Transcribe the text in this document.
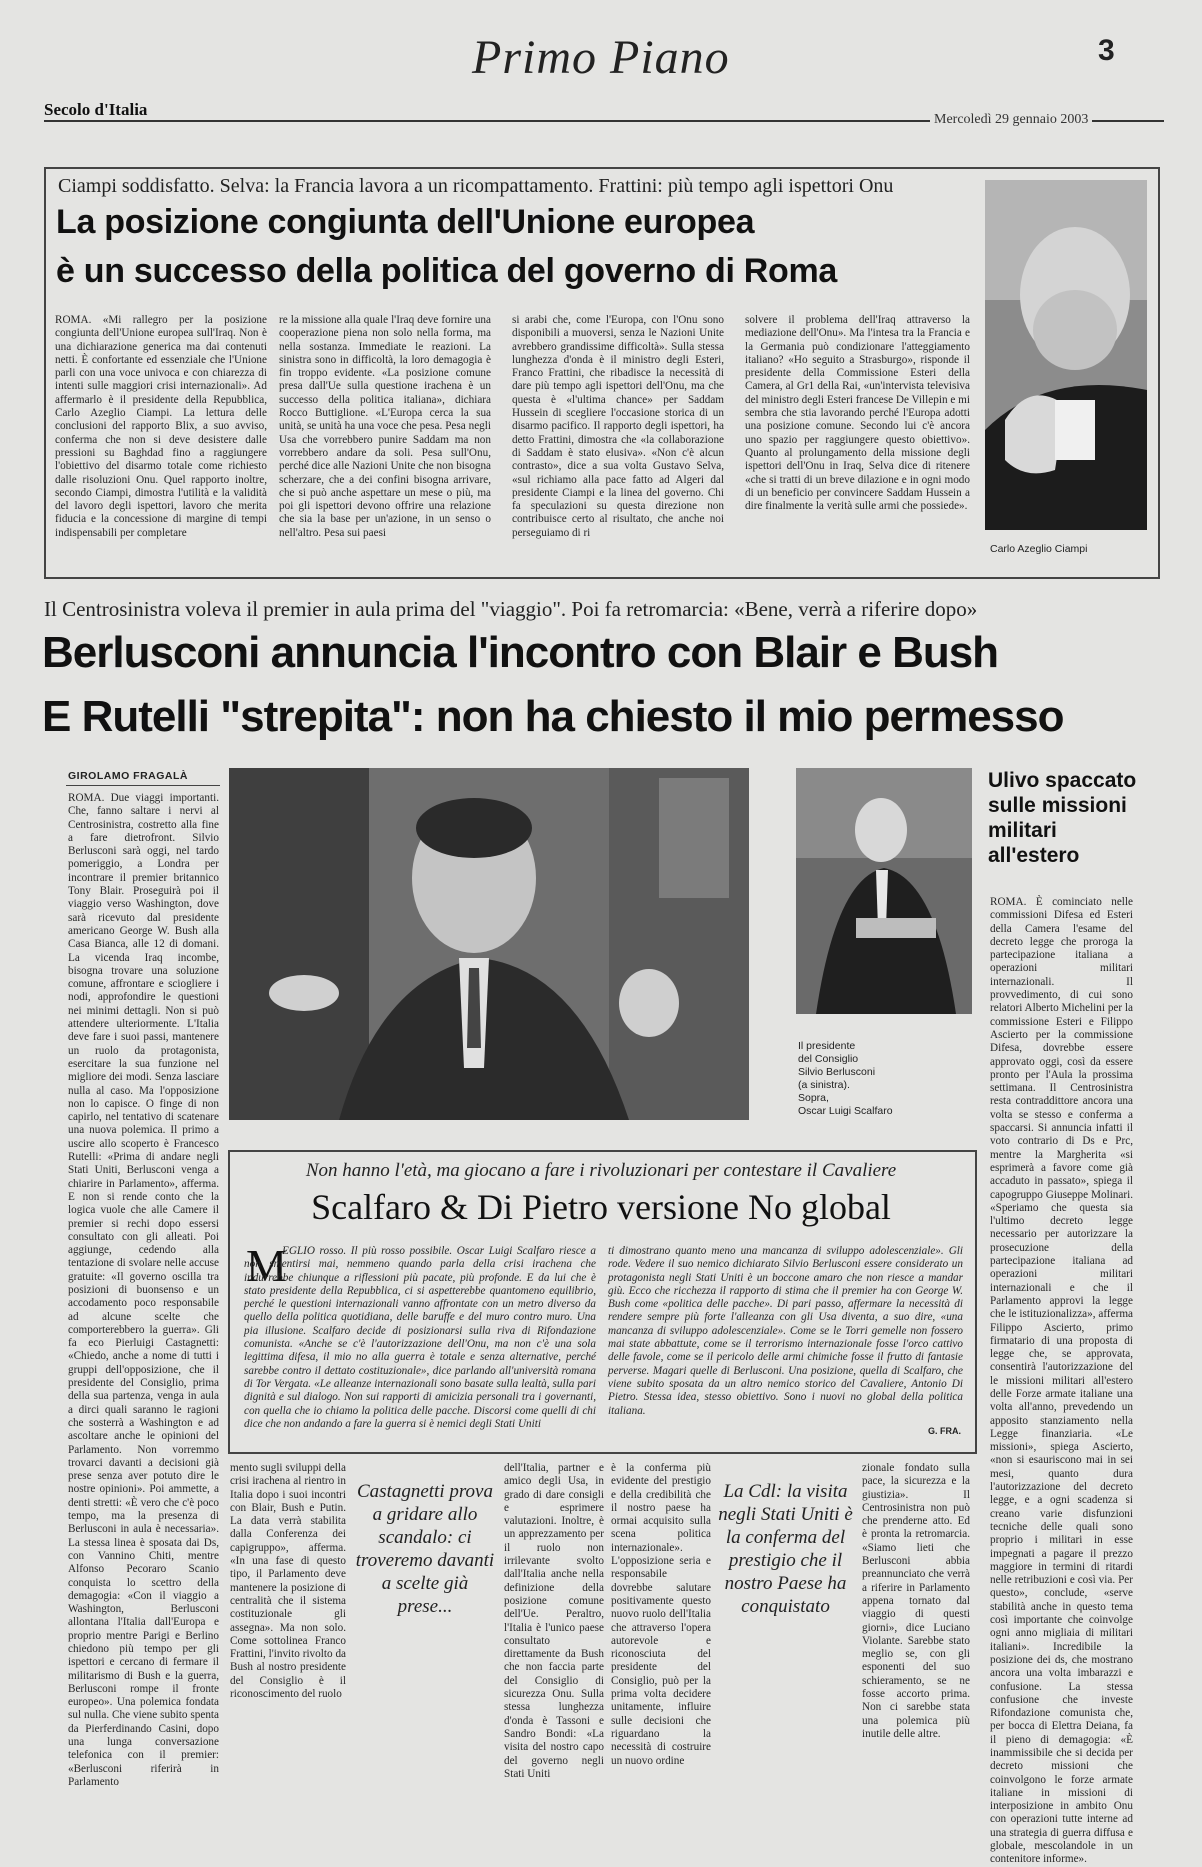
Primo Piano	3
Secolo d'Italia
Mercoledì 29 gennaio 2003
Ciampi soddisfatto. Selva: la Francia lavora a un ricompattamento. Frattini: più tempo agli ispettori Onu
La posizione congiunta dell'Unione europea
è un successo della politica del governo di Roma

ROMA. «Mi rallegro per la posizione congiunta dell'Unione europea sull'Iraq. Non è una dichiarazione generica ma dai contenuti netti. È confortante ed essenziale che l'Unione parli con una voce univoca e con chiarezza di intenti sulle maggiori crisi internazionali». Ad affermarlo è il presidente della Repubblica, Carlo Azeglio Ciampi. La lettura delle conclusioni del rapporto Blix, a suo avviso, conferma che non si deve desistere dalle pressioni su Baghdad fino a raggiungere l'obiettivo del disarmo totale come richiesto dalle risoluzioni Onu. Quel rapporto inoltre, secondo Ciampi, dimostra l'utilità e la validità del lavoro degli ispettori, lavoro che merita fiducia e la concessione di margine di tempi indispensabili per completare

re la missione alla quale l'Iraq deve fornire una cooperazione piena non solo nella forma, ma nella sostanza. Immediate le reazioni. La sinistra sono in difficoltà, la loro demagogia è fin troppo evidente. «La posizione comune presa dall'Ue sulla questione irachena è un successo della politica italiana», dichiara Rocco Buttiglione. «L'Europa cerca la sua unità, se unità ha una voce che pesa. Pesa negli Usa che vorrebbero punire Saddam ma non vorrebbero andare da soli. Pesa sull'Onu, perché dice alle Nazioni Unite che non bisogna scherzare, che a dei confini bisogna arrivare, che si può anche aspettare un mese o più, ma poi gli ispettori devono offrire una relazione che sia la base per un'azione, in un senso o nell'altro. Pesa sui paesi

si arabi che, come l'Europa, con l'Onu sono disponibili a muoversi, senza le Nazioni Unite avrebbero grandissime difficoltà». Sulla stessa lunghezza d'onda è il ministro degli Esteri, Franco Frattini, che ribadisce la necessità di dare più tempo agli ispettori dell'Onu, ma che questa è «l'ultima chance» per Saddam Hussein di scegliere l'occasione storica di un disarmo pacifico. Il rapporto degli ispettori, ha detto Frattini, dimostra che «la collaborazione di Saddam è stato elusiva». «Non c'è alcun contrasto», dice a sua volta Gustavo Selva, «sul richiamo alla pace fatto ad Algeri dal presidente Ciampi e la linea del governo. Chi fa speculazioni su questa direzione non contribuisce certo al risultato, che anche noi perseguiamo di ri

solvere il problema dell'Iraq attraverso la mediazione dell'Onu». Ma l'intesa tra la Francia e la Germania può condizionare l'atteggiamento italiano? «Ho seguito a Strasburgo», risponde il presidente della Commissione Esteri della Camera, al Gr1 della Rai, «un'intervista televisiva del ministro degli Esteri francese De Villepin e mi sembra che stia lavorando perché l'Europa adotti una posizione comune. Secondo lui c'è ancora uno spazio per raggiungere questo obiettivo». Quanto al prolungamento della missione degli ispettori dell'Onu in Iraq, Selva dice di ritenere «che si tratti di un breve dilazione e in ogni modo di un beneficio per convincere Saddam Hussein a dire finalmente la verità sulle armi che possiede».

Carlo Azeglio Ciampi
Il Centrosinistra voleva il premier in aula prima del "viaggio". Poi fa retromarcia: «Bene, verrà a riferire dopo»
Berlusconi annuncia l'incontro con Blair e Bush
E Rutelli "strepita": non ha chiesto il mio permesso
GIROLAMO FRAGALÀ

ROMA. Due viaggi importanti. Che, fanno saltare i nervi al Centrosinistra, costretto alla fine a fare dietrofront. Silvio Berlusconi sarà oggi, nel tardo pomeriggio, a Londra per incontrare il premier britannico Tony Blair. Proseguirà poi il viaggio verso Washington, dove sarà ricevuto dal presidente americano George W. Bush alla Casa Bianca, alle 12 di domani. La vicenda Iraq incombe, bisogna trovare una soluzione comune, affrontare e sciogliere i nodi, approfondire le questioni nei minimi dettagli. Non si può attendere ulteriormente. L'Italia deve fare i suoi passi, mantenere un ruolo da protagonista, esercitare la sua funzione nel migliore dei modi. Senza lasciare nulla al caso. Ma l'opposizione non lo capisce. O finge di non capirlo, nel tentativo di scatenare una nuova polemica. Il primo a uscire allo scoperto è Francesco Rutelli: «Prima di andare negli Stati Uniti, Berlusconi venga a chiarire in Parlamento», afferma. E non si rende conto che la logica vuole che alle Camere il premier si rechi dopo essersi consultato con gli alleati. Poi aggiunge, cedendo alla tentazione di svolare nelle accuse gratuite: «Il governo oscilla tra posizioni di buonsenso e un accodamento poco responsabile ad alcune scelte che comporterebbero la guerra». Gli fa eco Pierluigi Castagnetti: «Chiedo, anche a nome di tutti i gruppi dell'opposizione, che il presidente del Consiglio, prima della sua partenza, venga in aula a dirci quali saranno le ragioni che sosterrà a Washington e ad ascoltare anche le opinioni del Parlamento. Non vorremmo trovarci davanti a decisioni già prese senza aver potuto dire le nostre opinioni». Poi ammette, a denti stretti: «È vero che c'è poco tempo, ma la presenza di Berlusconi in aula è necessaria». La stessa linea è sposata dai Ds, con Vannino Chiti, mentre Alfonso Pecoraro Scanio conquista lo scettro della demagogia: «Con il viaggio a Washington, Berlusconi allontana l'Italia dall'Europa e proprio mentre Parigi e Berlino chiedono più tempo per gli ispettori e cercano di fermare il militarismo di Bush e la guerra, Berlusconi rompe il fronte europeo». Una polemica fondata sul nulla. Che viene subito spenta da Pierferdinando Casini, dopo una lunga conversazione telefonica con il premier: «Berlusconi riferirà in Parlamento

Il presidente
del Consiglio
Silvio Berlusconi
(a sinistra).
Sopra,
Oscar Luigi Scalfaro
Non hanno l'età, ma giocano a fare i rivoluzionari per contestare il Cavaliere
Scalfaro & Di Pietro versione No global
M

EGLIO rosso. Il più rosso possibile. Oscar Luigi Scalfaro riesce a non smentirsi mai, nemmeno quando parla della crisi irachena che indurrebbe chiunque a riflessioni più pacate, più profonde. E da lui che è stato presidente della Repubblica, ci si aspetterebbe quantomeno equilibrio, perché le questioni internazionali vanno affrontate con un metro diverso da quello della politica quotidiana, delle baruffe e del muro contro muro. Una pia illusione. Scalfaro decide di posizionarsi sulla riva di Rifondazione comunista. «Anche se c'è l'autorizzazione dell'Onu, ma non c'è una sola legittima difesa, il mio no alla guerra è totale e senza alternative, perché sarebbe contro il dettato costituzionale», dice parlando all'università romana di Tor Vergata. «Le alleanze internazionali sono basate sulla lealtà, sulla pari dignità e sul dialogo. Non sui rapporti di amicizia personali tra i governanti, con quella che io chiamo la politica delle pacche. Discorsi come quelli di chi dice che non andando a fare la guerra si è nemici degli Stati Uniti

ti dimostrano quanto meno una mancanza di sviluppo adolescenziale». Gli rode. Vedere il suo nemico dichiarato Silvio Berlusconi essere considerato un protagonista negli Stati Uniti è un boccone amaro che non riesce a mandar giù. Ecco che ricchezza il rapporto di stima che il premier ha con George W. Bush come «politica delle pacche». Di pari passo, affermare la necessità di rendere sempre più forte l'alleanza con gli Usa diventa, a suo dire, «una mancanza di sviluppo adolescenziale». Come se le Torri gemelle non fossero mai state abbattute, come se il terrorismo internazionale fosse l'orco cattivo delle favole, come se il pericolo delle armi chimiche fosse il frutto di fantasie perverse. Magari quelle di Berlusconi. Una posizione, quella di Scalfaro, che viene subito sposata da un altro nemico storico del Cavaliere, Antonio Di Pietro. Stessa idea, stesso obiettivo. Sono i nuovi no global della politica italiana.

G. FRA.

mento sugli sviluppi della crisi irachena al rientro in Italia dopo i suoi incontri con Blair, Bush e Putin. La data verrà stabilita dalla Conferenza dei capigruppo», afferma. «In una fase di questo tipo, il Parlamento deve mantenere la posizione di centralità che il sistema costituzionale gli assegna». Ma non solo. Come sottolinea Franco Frattini, l'invito rivolto da Bush al nostro presidente del Consiglio è il riconoscimento del ruolo

Castagnetti prova a gridare allo scandalo: ci troveremo davanti a scelte già prese...

dell'Italia, partner e amico degli Usa, in grado di dare consigli e esprimere valutazioni. Inoltre, è un apprezzamento per il ruolo non irrilevante svolto dall'Italia anche nella definizione della posizione comune dell'Ue. Peraltro, l'Italia è l'unico paese consultato direttamente da Bush che non faccia parte del Consiglio di sicurezza Onu. Sulla stessa lunghezza d'onda è Tassoni e Sandro Bondi: «La visita del nostro capo del governo negli Stati Uniti

è la conferma più evidente del prestigio e della credibilità che il nostro paese ha ormai acquisito sulla scena politica internazionale». L'opposizione seria e responsabile dovrebbe salutare positivamente questo nuovo ruolo dell'Italia che attraverso l'opera autorevole e riconosciuta del presidente del Consiglio, può per la prima volta decidere unitamente, influire sulle decisioni che riguardano la necessità di costruire un nuovo ordine

La Cdl: la visita negli Stati Uniti è la conferma del prestigio che il nostro Paese ha conquistato

zionale fondato sulla pace, la sicurezza e la giustizia». Il Centrosinistra non può che prenderne atto. Ed è pronta la retromarcia. «Siamo lieti che Berlusconi abbia preannunciato che verrà a riferire in Parlamento appena tornato dal viaggio di questi giorni», dice Luciano Violante. Sarebbe stato meglio se, con gli esponenti del suo schieramento, se ne fosse accorto prima. Non ci sarebbe stata una polemica più inutile delle altre.

Ulivo spaccato
sulle missioni
militari
all'estero

ROMA. È cominciato nelle commissioni Difesa ed Esteri della Camera l'esame del decreto legge che proroga la partecipazione italiana a operazioni militari internazionali. Il provvedimento, di cui sono relatori Alberto Michelini per la commissione Esteri e Filippo Ascierto per la commissione Difesa, dovrebbe essere approvato oggi, così da essere pronto per l'Aula la prossima settimana. Il Centrosinistra resta contraddittore ancora una volta se stesso e conferma a spaccarsi. Si annuncia infatti il voto contrario di Ds e Prc, mentre la Margherita «si esprimerà a favore come già accaduto in passato», spiega il capogruppo Giuseppe Molinari. «Speriamo che questa sia l'ultimo decreto legge necessario per autorizzare la prosecuzione della partecipazione italiana ad operazioni militari internazionali e che il Parlamento approvi la legge che le istituzionalizza», afferma Filippo Ascierto, primo firmatario di una proposta di legge che, se approvata, consentirà l'autorizzazione del le missioni militari all'estero delle Forze armate italiane una volta all'anno, prevedendo un apposito stanziamento nella Legge finanziaria. «Le missioni», spiega Ascierto, «non si esauriscono mai in sei mesi, quanto dura l'autorizzazione del decreto legge, e a ogni scadenza si creano varie disfunzioni tecniche delle quali sono proprio i militari in esse impegnati a pagare il prezzo maggiore in termini di ritardi nelle retribuzioni e così via. Per questo», conclude, «serve stabilità anche in questo tema così importante che coinvolge ogni anno migliaia di militari italiani». Incredibile la posizione dei ds, che mostrano ancora una volta imbarazzi e confusione. La stessa confusione che investe Rifondazione comunista che, per bocca di Elettra Deiana, fa il pieno di demagogia: «È inammissibile che si decida per decreto missioni che coinvolgono le forze armate italiane in missioni di interposizione in ambito Onu con operazioni tutte interne ad una strategia di guerra diffusa e globale, mescolandole in un contenitore informe».
